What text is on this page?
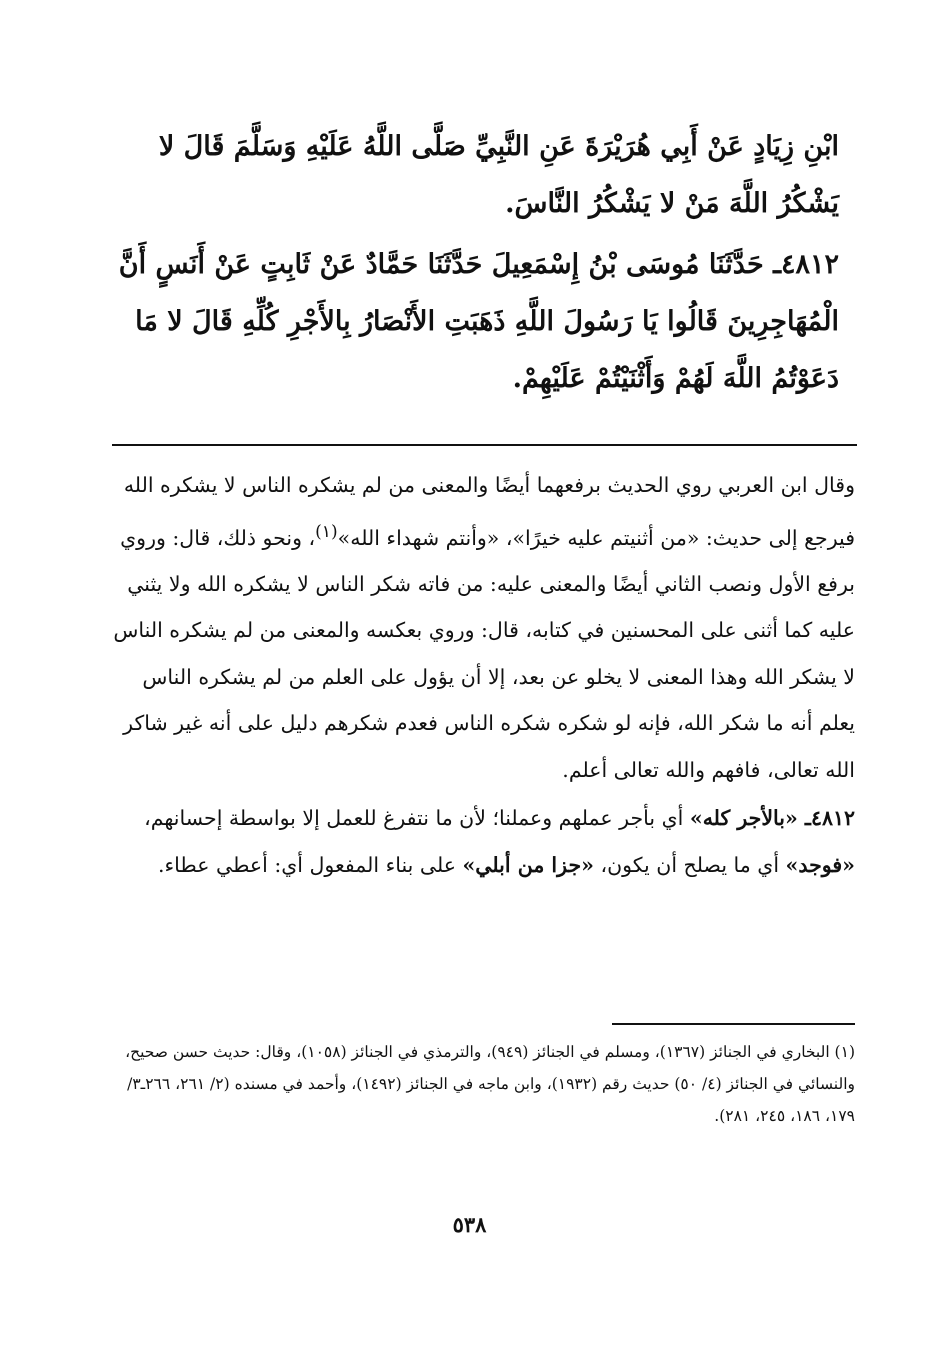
ابْنِ زِيَادٍ عَنْ أَبِي هُرَيْرَةَ عَنِ النَّبِيِّ صَلَّى اللَّهُ عَلَيْهِ وَسَلَّمَ قَالَ لا يَشْكُرُ اللَّهَ مَنْ لا يَشْكُرُ النَّاسَ.

٤٨١٢ـ حَدَّثَنَا مُوسَى بْنُ إِسْمَعِيلَ حَدَّثَنَا حَمَّادٌ عَنْ ثَابِتٍ عَنْ أَنَسٍ أَنَّ الْمُهَاجِرِينَ قَالُوا يَا رَسُولَ اللَّهِ ذَهَبَتِ الأَنْصَارُ بِالأَجْرِ كُلِّهِ قَالَ لا مَا دَعَوْتُمُ اللَّهَ لَهُمْ وَأَثْنَيْتُمْ عَلَيْهِمْ.

وقال ابن العربي روي الحديث برفعهما أيضًا والمعنى من لم يشكره الناس لا يشكره الله فيرجع إلى حديث: «من أثنيتم عليه خيرًا»، «وأنتم شهداء الله»$^{(١)}$، ونحو ذلك، قال: وروي برفع الأول ونصب الثاني أيضًا والمعنى عليه: من فاته شكر الناس لا يشكره الله ولا يثني عليه كما أثنى على المحسنين في كتابه، قال: وروي بعكسه والمعنى من لم يشكره الناس لا يشكر الله وهذا المعنى لا يخلو عن بعد، إلا أن يؤول على العلم من لم يشكره الناس يعلم أنه ما شكر الله، فإنه لو شكره شكره الناس فعدم شكرهم دليل على أنه غير شاكر الله تعالى، فافهم والله تعالى أعلم.

٤٨١٢ـ «بالأجر كله» أي بأجر عملهم وعملنا؛ لأن ما نتفرغ للعمل إلا بواسطة إحسانهم، «فوجد» أي ما يصلح أن يكون، «جزا من أبلي» على بناء المفعول أي: أعطي عطاء.

(١) البخاري في الجنائز (١٣٦٧)، ومسلم في الجنائز (٩٤٩)، والترمذي في الجنائز (١٠٥٨)، وقال: حديث حسن صحيح، والنسائي في الجنائز (٤/ ٥٠) حديث رقم (١٩٣٢)، وابن ماجه في الجنائز (١٤٩٢)، وأحمد في مسنده (٢/ ٢٦١، ٢٦٦ـ٣/ ١٧٩، ١٨٦، ٢٤٥، ٢٨١).

٥٣٨
